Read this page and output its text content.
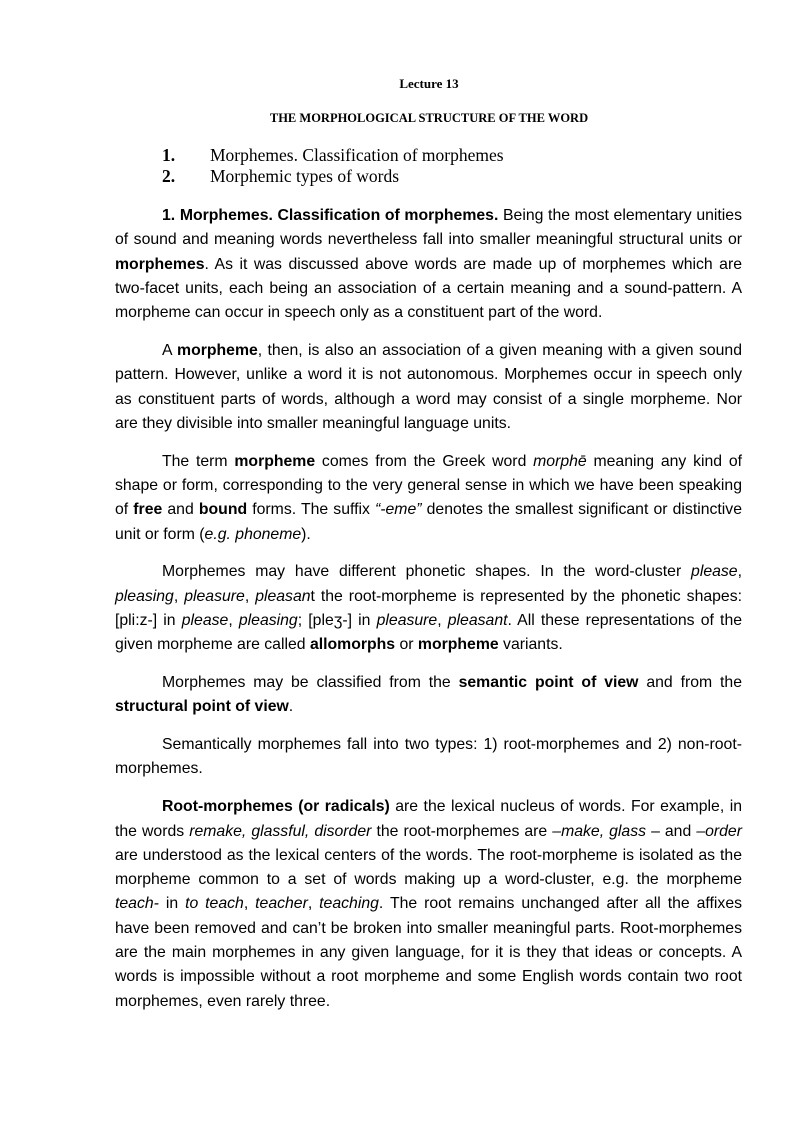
Lecture 13
THE MORPHOLOGICAL STRUCTURE OF THE WORD
1.	Morphemes. Classification of morphemes
2.	Morphemic types of words

1. Morphemes. Classification of morphemes. Being the most elementary unities of sound and meaning words nevertheless fall into smaller meaningful structural units or morphemes. As it was discussed above words are made up of morphemes which are two-facet units, each being an association of a certain meaning and a sound-pattern. A morpheme can occur in speech only as a constituent part of the word.

A morpheme, then, is also an association of a given meaning with a given sound pattern. However, unlike a word it is not autonomous. Morphemes occur in speech only as constituent parts of words, although a word may consist of a single morpheme. Nor are they divisible into smaller meaningful language units.

The term morpheme comes from the Greek word morphē meaning any kind of shape or form, corresponding to the very general sense in which we have been speaking of free and bound forms. The suffix “-eme” denotes the smallest significant or distinctive unit or form (e.g. phoneme).

Morphemes may have different phonetic shapes. In the word-cluster please, pleasing, pleasure, pleasant the root-morpheme is represented by the phonetic shapes: [pli:z-] in please, pleasing; [pleʒ-] in pleasure, pleasant. All these representations of the given morpheme are called allomorphs or morpheme variants.

Morphemes may be classified from the semantic point of view and from the structural point of view.

Semantically morphemes fall into two types: 1) root-morphemes and 2) non-root-morphemes.

Root-morphemes (or radicals) are the lexical nucleus of words. For example, in the words remake, glassful, disorder the root-morphemes are –make, glass – and –order are understood as the lexical centers of the words. The root-morpheme is isolated as the morpheme common to a set of words making up a word-cluster, e.g. the morpheme teach- in to teach, teacher, teaching. The root remains unchanged after all the affixes have been removed and can’t be broken into smaller meaningful parts. Root-morphemes are the main morphemes in any given language, for it is they that ideas or concepts. A words is impossible without a root morpheme and some English words contain two root morphemes, even rarely three.
